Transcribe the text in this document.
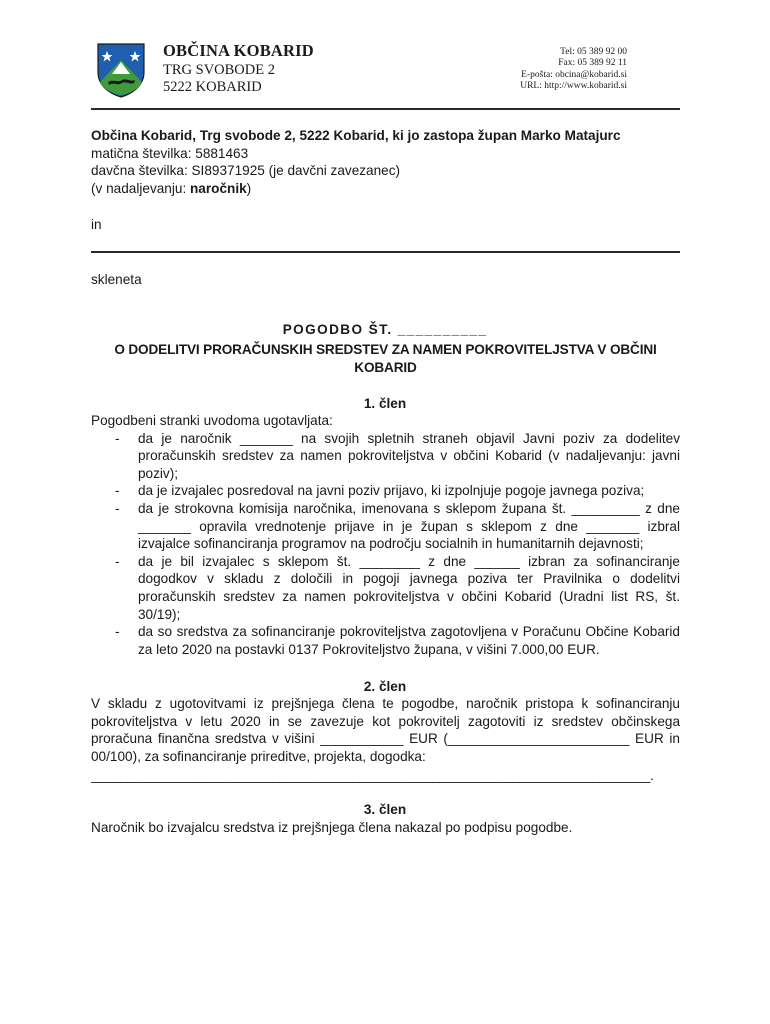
OBČINA KOBARID
TRG SVOBODE 2
5222 KOBARID
Tel: 05 389 92 00
Fax: 05 389 92 11
E-pošta: obcina@kobarid.si
URL: http://www.kobarid.si
Občina Kobarid, Trg svobode 2, 5222 Kobarid, ki jo zastopa župan Marko Matajurc
matična številka: 5881463
davčna številka: SI89371925 (je davčni zavezanec)
(v nadaljevanju: naročnik)
in
skleneta
POGODBO ŠT. __________
O DODELITVI PRORAČUNSKIH SREDSTEV ZA NAMEN POKROVITELJSTVA V OBČINI KOBARID
1. člen

Pogodbeni stranki uvodoma ugotavljata:

- da je naročnik _______ na svojih spletnih straneh objavil Javni poziv za dodelitev proračunskih sredstev za namen pokroviteljstva v občini Kobarid (v nadaljevanju: javni poziv);
- da je izvajalec posredoval na javni poziv prijavo, ki izpolnjuje pogoje javnega poziva;
- da je strokovna komisija naročnika, imenovana s sklepom župana št. _________ z dne _______ opravila vrednotenje prijave in je župan s sklepom z dne _______ izbral izvajalce sofinanciranja programov na področju socialnih in humanitarnih dejavnosti;
- da je bil izvajalec s sklepom št. ________ z dne ______ izbran za sofinanciranje dogodkov v skladu z določili in pogoji javnega poziva ter Pravilnika o dodelitvi proračunskih sredstev za namen pokroviteljstva v občini Kobarid (Uradni list RS, št. 30/19);
- da so sredstva za sofinanciranje pokroviteljstva zagotovljena v Poračunu Občine Kobarid za leto 2020 na postavki 0137 Pokroviteljstvo župana, v višini 7.000,00 EUR.
2. člen

V skladu z ugotovitvami iz prejšnjega člena te pogodbe, naročnik pristopa k sofinanciranju pokroviteljstva v letu 2020 in se zavezuje kot pokrovitelj zagotoviti iz sredstev občinskega proračuna finančna sredstva v višini ___________ EUR (________________________ EUR in 00/100), za sofinanciranje prireditve, projekta, dogodka:

_____________________________________________________________________________.

3. člen

Naročnik bo izvajalcu sredstva iz prejšnjega člena nakazal po podpisu pogodbe.
